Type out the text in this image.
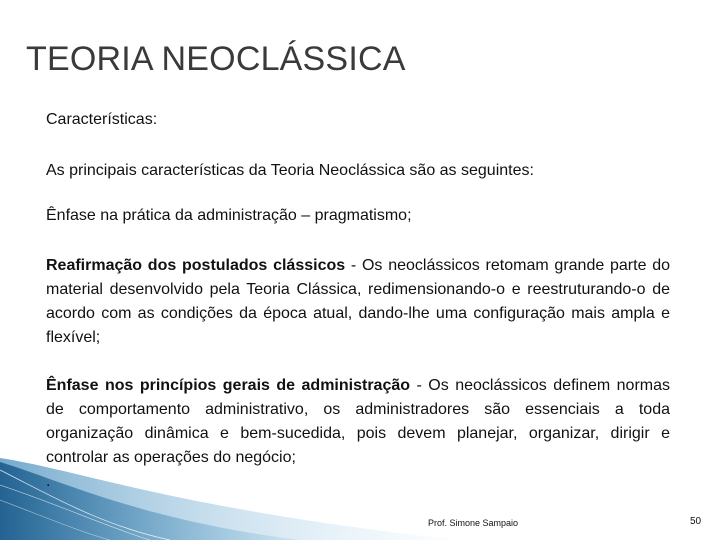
TEORIA NEOCLÁSSICA
Características:
As principais características da Teoria Neoclássica são as seguintes:
Ênfase na prática da administração – pragmatismo;
Reafirmação dos postulados clássicos - Os neoclássicos retomam grande parte do material desenvolvido pela Teoria Clássica, redimensionando-o e reestruturando-o de acordo com as condições da época atual, dando-lhe uma configuração mais ampla e flexível;
Ênfase nos princípios gerais de administração - Os neoclássicos definem normas de comportamento administrativo, os administradores são essenciais a toda organização dinâmica e bem-sucedida, pois devem planejar, organizar, dirigir e controlar as operações do negócio;
.
Prof. Simone Sampaio	50
